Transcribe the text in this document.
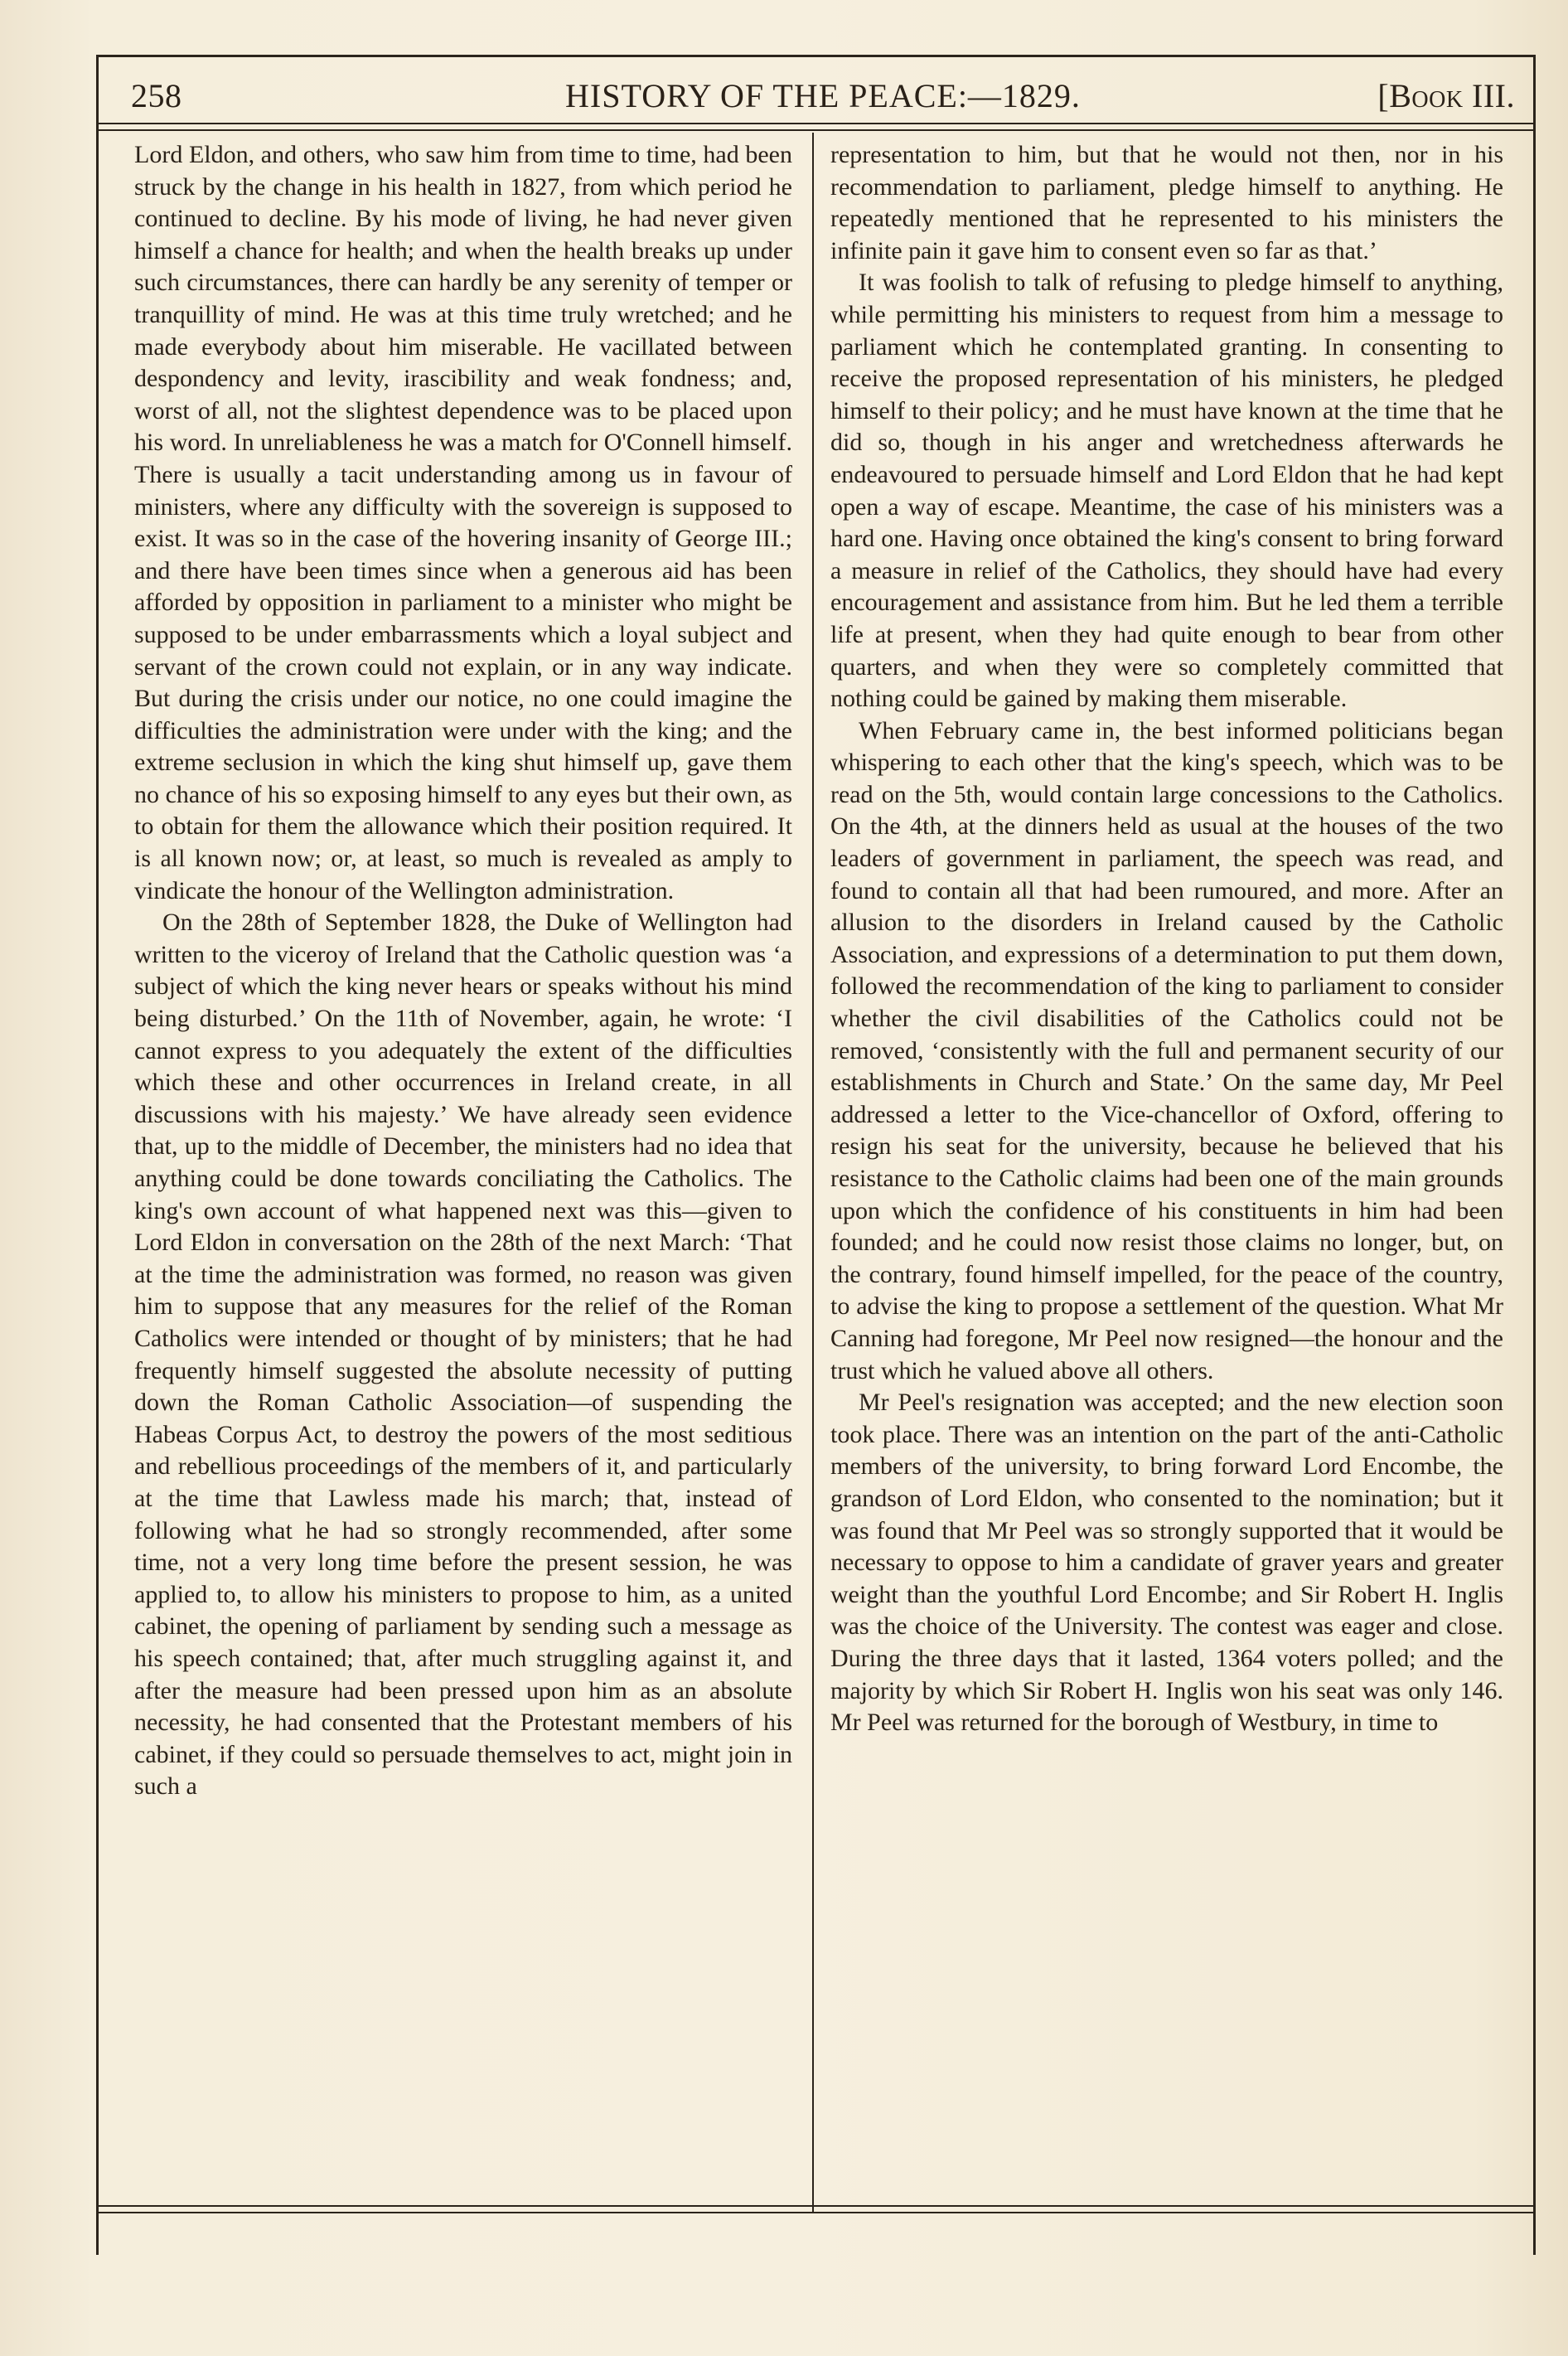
258	HISTORY OF THE PEACE:—1829.	[Book III.

Lord Eldon, and others, who saw him from time to time, had been struck by the change in his health in 1827, from which period he continued to decline. By his mode of living, he had never given himself a chance for health; and when the health breaks up under such circumstances, there can hardly be any serenity of temper or tranquillity of mind. He was at this time truly wretched; and he made everybody about him miserable. He vacillated between despondency and levity, irascibility and weak fondness; and, worst of all, not the slightest dependence was to be placed upon his word. In unreliableness he was a match for O'Connell himself. There is usually a tacit understanding among us in favour of ministers, where any difficulty with the sovereign is supposed to exist. It was so in the case of the hovering insanity of George III.; and there have been times since when a generous aid has been afforded by opposition in parliament to a minister who might be supposed to be under embarrassments which a loyal subject and servant of the crown could not explain, or in any way indicate. But during the crisis under our notice, no one could imagine the difficulties the administration were under with the king; and the extreme seclusion in which the king shut himself up, gave them no chance of his so exposing himself to any eyes but their own, as to obtain for them the allowance which their position required. It is all known now; or, at least, so much is revealed as amply to vindicate the honour of the Wellington administration.

On the 28th of September 1828, the Duke of Wellington had written to the viceroy of Ireland that the Catholic question was ‘a subject of which the king never hears or speaks without his mind being disturbed.’ On the 11th of November, again, he wrote: ‘I cannot express to you adequately the extent of the difficulties which these and other occurrences in Ireland create, in all discussions with his majesty.’ We have already seen evidence that, up to the middle of December, the ministers had no idea that anything could be done towards conciliating the Catholics. The king's own account of what happened next was this—given to Lord Eldon in conversation on the 28th of the next March: ‘That at the time the administration was formed, no reason was given him to suppose that any measures for the relief of the Roman Catholics were intended or thought of by ministers; that he had frequently himself suggested the absolute necessity of putting down the Roman Catholic Association—of suspending the Habeas Corpus Act, to destroy the powers of the most seditious and rebellious proceedings of the members of it, and particularly at the time that Lawless made his march; that, instead of following what he had so strongly recommended, after some time, not a very long time before the present session, he was applied to, to allow his ministers to propose to him, as a united cabinet, the opening of parliament by sending such a message as his speech contained; that, after much struggling against it, and after the measure had been pressed upon him as an absolute necessity, he had consented that the Protestant members of his cabinet, if they could so persuade themselves to act, might join in such a

representation to him, but that he would not then, nor in his recommendation to parliament, pledge himself to anything. He repeatedly mentioned that he represented to his ministers the infinite pain it gave him to consent even so far as that.’

It was foolish to talk of refusing to pledge himself to anything, while permitting his ministers to request from him a message to parliament which he contemplated granting. In consenting to receive the proposed representation of his ministers, he pledged himself to their policy; and he must have known at the time that he did so, though in his anger and wretchedness afterwards he endeavoured to persuade himself and Lord Eldon that he had kept open a way of escape. Meantime, the case of his ministers was a hard one. Having once obtained the king's consent to bring forward a measure in relief of the Catholics, they should have had every encouragement and assistance from him. But he led them a terrible life at present, when they had quite enough to bear from other quarters, and when they were so completely committed that nothing could be gained by making them miserable.

When February came in, the best informed politicians began whispering to each other that the king's speech, which was to be read on the 5th, would contain large concessions to the Catholics. On the 4th, at the dinners held as usual at the houses of the two leaders of government in parliament, the speech was read, and found to contain all that had been rumoured, and more. After an allusion to the disorders in Ireland caused by the Catholic Association, and expressions of a determination to put them down, followed the recommendation of the king to parliament to consider whether the civil disabilities of the Catholics could not be removed, ‘consistently with the full and permanent security of our establishments in Church and State.’ On the same day, Mr Peel addressed a letter to the Vice-chancellor of Oxford, offering to resign his seat for the university, because he believed that his resistance to the Catholic claims had been one of the main grounds upon which the confidence of his constituents in him had been founded; and he could now resist those claims no longer, but, on the contrary, found himself impelled, for the peace of the country, to advise the king to propose a settlement of the question. What Mr Canning had foregone, Mr Peel now resigned—the honour and the trust which he valued above all others.

Mr Peel's resignation was accepted; and the new election soon took place. There was an intention on the part of the anti-Catholic members of the university, to bring forward Lord Encombe, the grandson of Lord Eldon, who consented to the nomination; but it was found that Mr Peel was so strongly supported that it would be necessary to oppose to him a candidate of graver years and greater weight than the youthful Lord Encombe; and Sir Robert H. Inglis was the choice of the University. The contest was eager and close. During the three days that it lasted, 1364 voters polled; and the majority by which Sir Robert H. Inglis won his seat was only 146. Mr Peel was returned for the borough of Westbury, in time to
